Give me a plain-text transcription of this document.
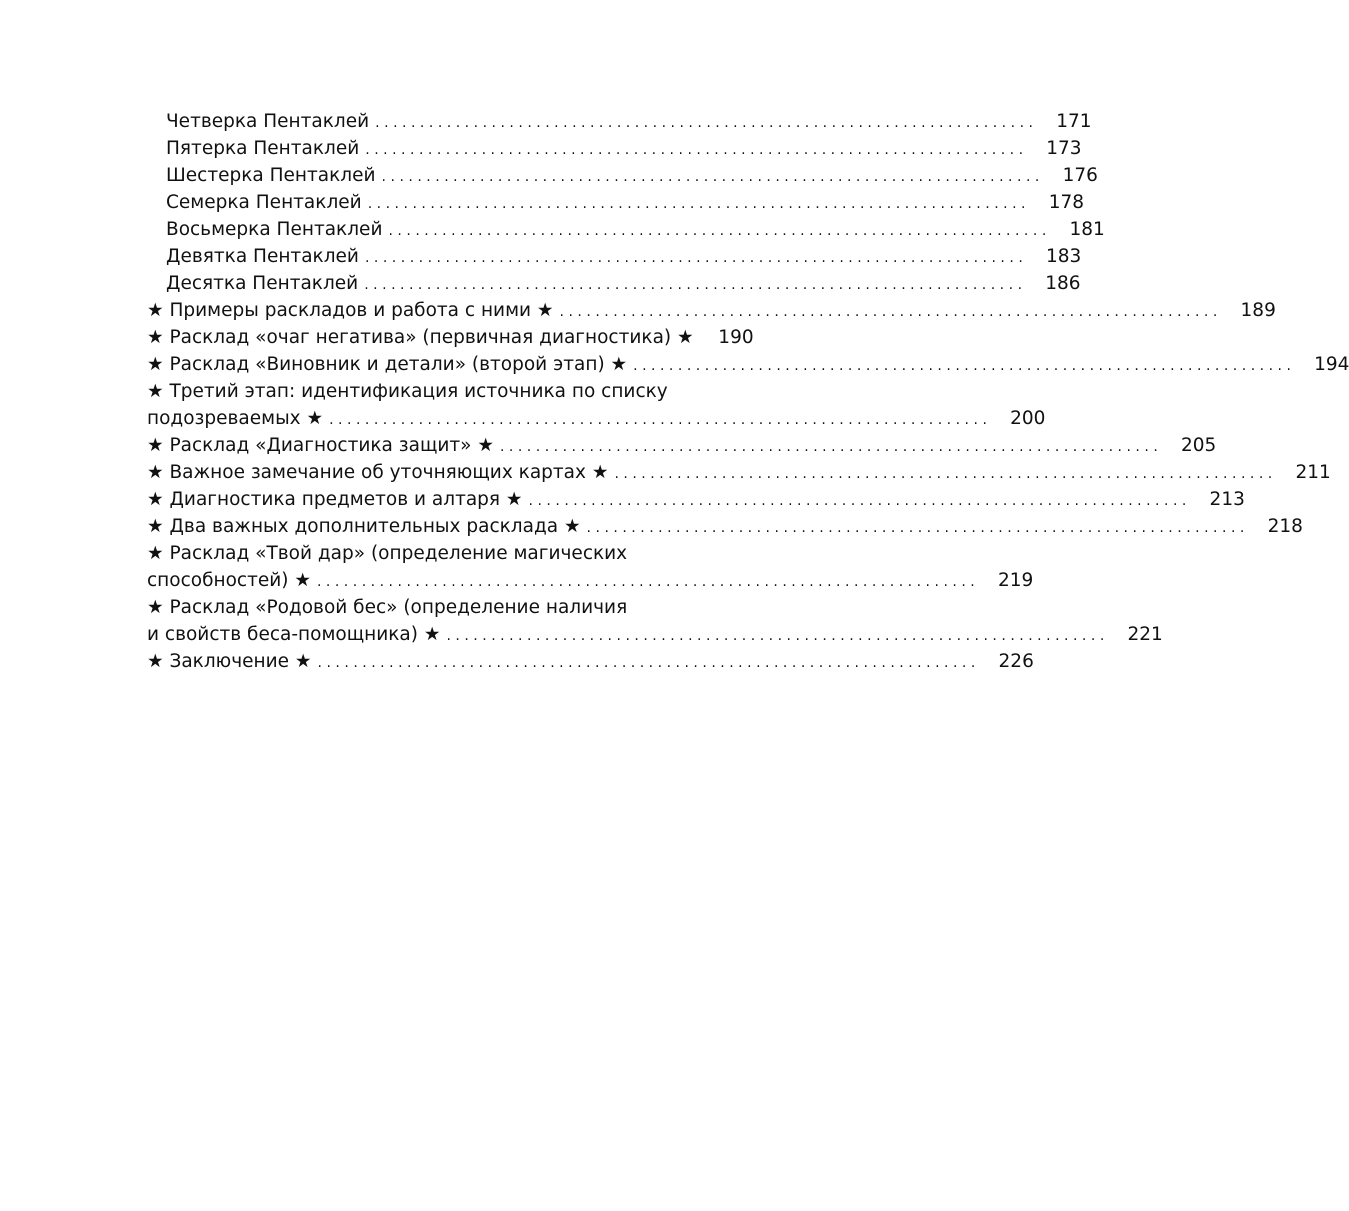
Четверка Пентаклей .......................................................................... 171
Пятерка Пентаклей .......................................................................... 173
Шестерка Пентаклей .......................................................................... 176
Семерка Пентаклей .......................................................................... 178
Восьмерка Пентаклей .......................................................................... 181
Девятка Пентаклей .......................................................................... 183
Десятка Пентаклей .......................................................................... 186
★ Примеры раскладов и работа с ними ★ .......................................................................... 189
★ Расклад «очаг негатива» (первичная диагностика) ★	190
★ Расклад «Виновник и детали» (второй этап) ★ .......................................................................... 194
★ Третий этап: идентификация источника по списку
подозреваемых ★ .......................................................................... 200
★ Расклад «Диагностика защит» ★ .......................................................................... 205
★ Важное замечание об уточняющих картах ★ .......................................................................... 211
★ Диагностика предметов и алтаря ★ .......................................................................... 213
★ Два важных дополнительных расклада ★ .......................................................................... 218
★ Расклад «Твой дар» (определение магических
способностей) ★ .......................................................................... 219
★ Расклад «Родовой бес» (определение наличия
и свойств беса-помощника) ★ .......................................................................... 221
★ Заключение ★ .......................................................................... 226
